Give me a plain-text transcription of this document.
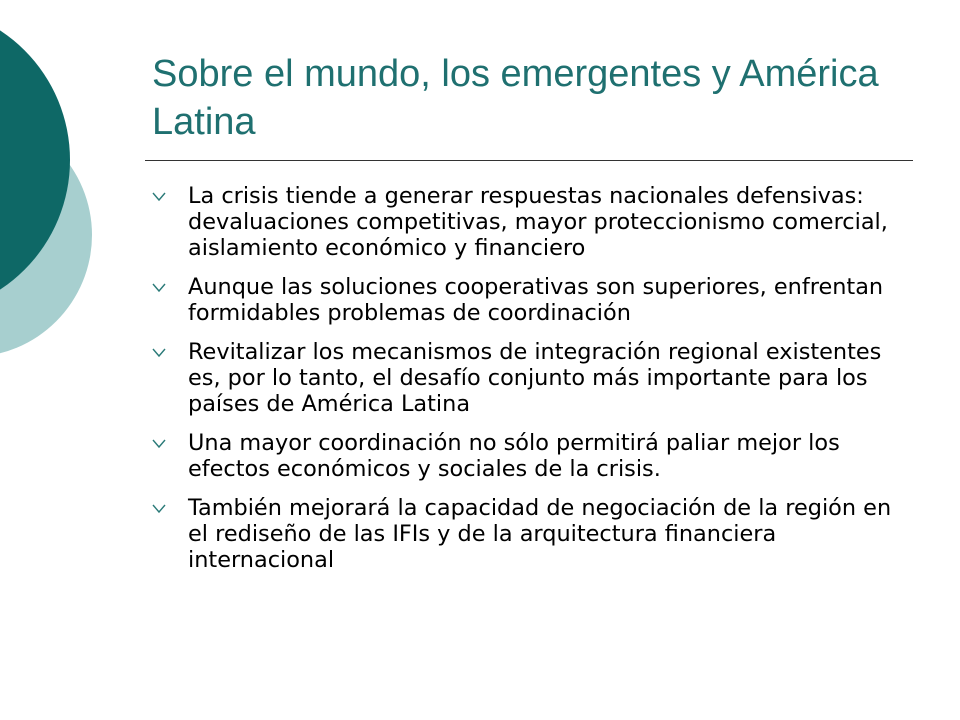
Sobre el mundo, los emergentes y América Latina
La crisis tiende a generar respuestas nacionales defensivas: devaluaciones competitivas, mayor proteccionismo comercial, aislamiento económico y financiero
Aunque las soluciones cooperativas son superiores, enfrentan formidables problemas de coordinación
Revitalizar los mecanismos de integración regional existentes es, por lo tanto, el desafío conjunto más importante para los países de América Latina
Una mayor coordinación no sólo permitirá paliar mejor los efectos económicos y sociales de la crisis.
También mejorará la capacidad de negociación de la región en el rediseño de las IFIs y de la arquitectura financiera internacional
